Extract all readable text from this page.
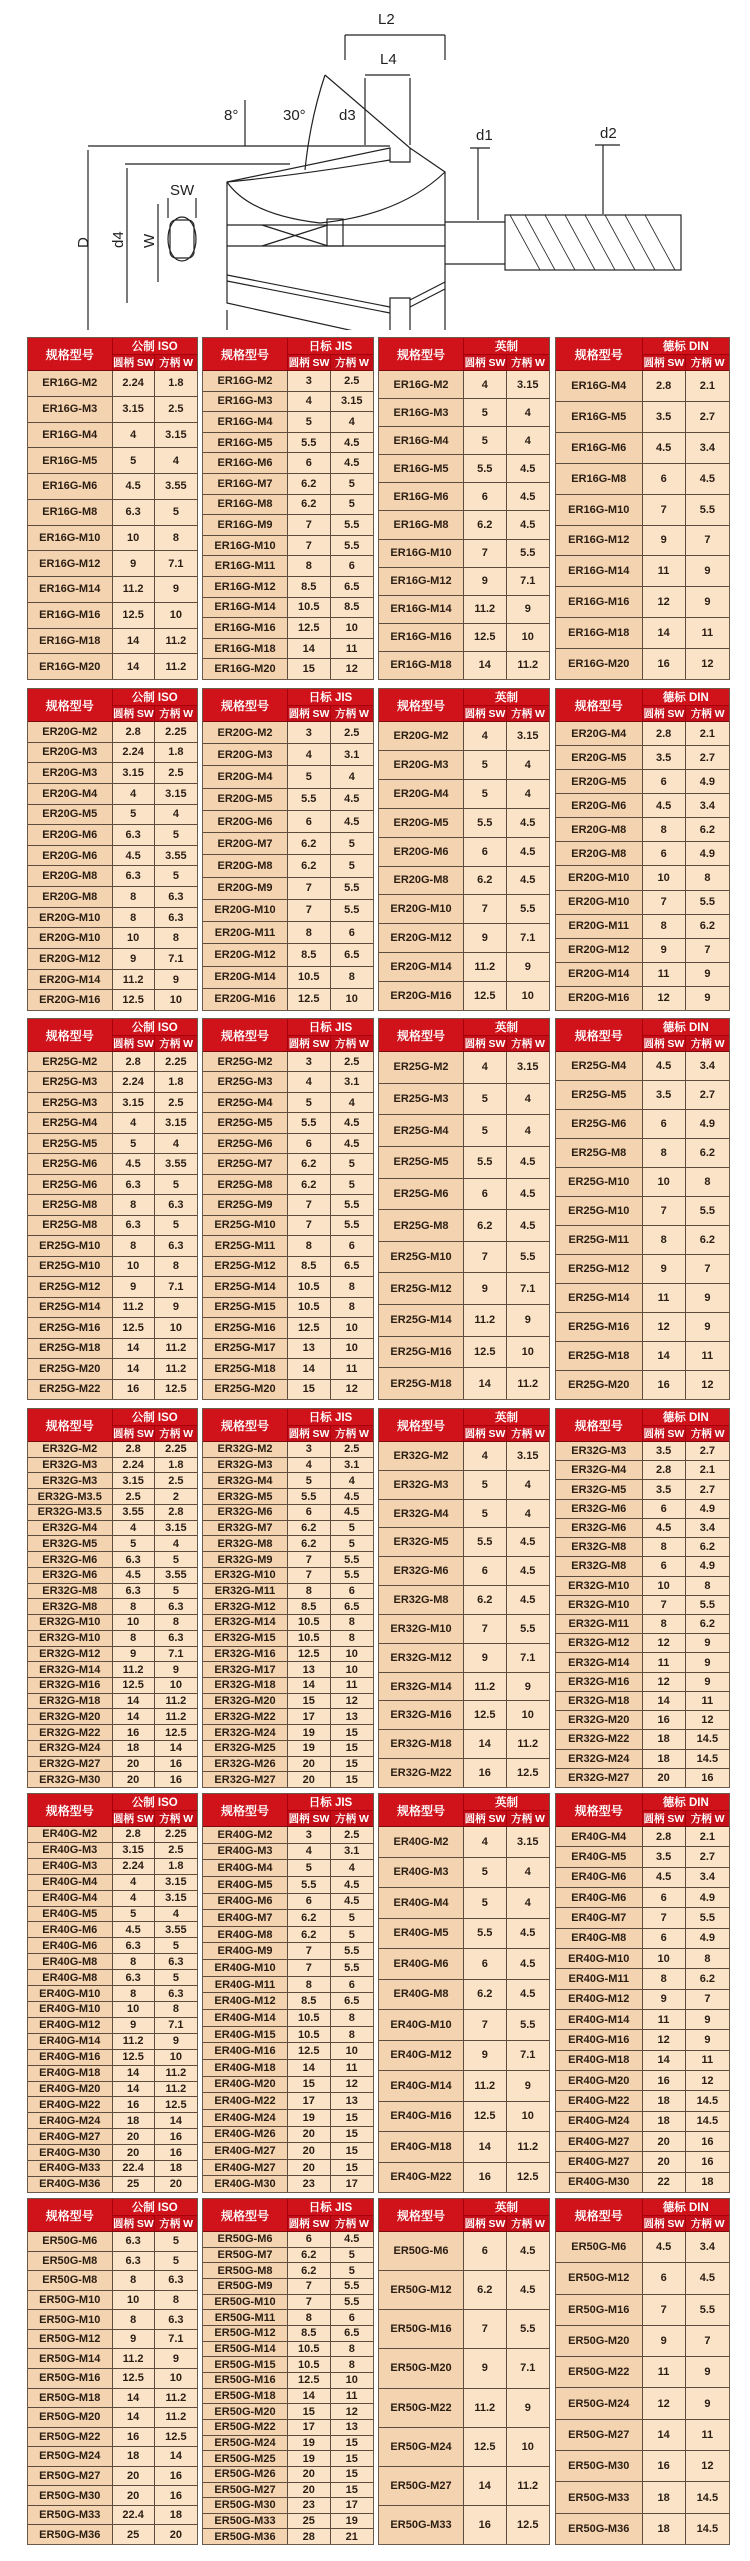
L2
L4
d3
8°	30°
d1	d2
SW
D d4 W
规格型号
公制 ISO
圆柄 SW 方柄 W
ER16G-M2	2.24	1.8
ER16G-M3	3.15	2.5
ER16G-M4	4	3.15
ER16G-M5	5	4
ER16G-M6	4.5	3.55
ER16G-M8	6.3	5
ER16G-M10	10	8
ER16G-M12	9	7.1
ER16G-M14	11.2	9
ER16G-M16	12.5	10
ER16G-M18	14	11.2
ER16G-M20	14	11.2
规格型号
日标 JIS
圆柄 SW 方柄 W
ER16G-M2	3	2.5
ER16G-M3	4	3.15
ER16G-M4	5	4
ER16G-M5	5.5	4.5
ER16G-M6	6	4.5
ER16G-M7	6.2	5
ER16G-M8	6.2	5
ER16G-M9	7	5.5
ER16G-M10	7	5.5
ER16G-M11	8	6
ER16G-M12	8.5	6.5
ER16G-M14	10.5	8.5
ER16G-M16	12.5	10
ER16G-M18	14	11
ER16G-M20	15	12
规格型号
英制
圆柄 SW 方柄 W
ER16G-M2	4	3.15
ER16G-M3	5	4
ER16G-M4	5	4
ER16G-M5	5.5	4.5
ER16G-M6	6	4.5
ER16G-M8	6.2	4.5
ER16G-M10	7	5.5
ER16G-M12	9	7.1
ER16G-M14	11.2	9
ER16G-M16	12.5	10
ER16G-M18	14	11.2
规格型号
德标 DIN
圆柄 SW 方柄 W
ER16G-M4	2.8	2.1
ER16G-M5	3.5	2.7
ER16G-M6	4.5	3.4
ER16G-M8	6	4.5
ER16G-M10	7	5.5
ER16G-M12	9	7
ER16G-M14	11	9
ER16G-M16	12	9
ER16G-M18	14	11
ER16G-M20	16	12
规格型号
公制 ISO
圆柄 SW 方柄 W
ER20G-M2	2.8	2.25
ER20G-M3	2.24	1.8
ER20G-M3	3.15	2.5
ER20G-M4	4	3.15
ER20G-M5	5	4
ER20G-M6	6.3	5
ER20G-M6	4.5	3.55
ER20G-M8	6.3	5
ER20G-M8	8	6.3
ER20G-M10	8	6.3
ER20G-M10	10	8
ER20G-M12	9	7.1
ER20G-M14	11.2	9
ER20G-M16	12.5	10
规格型号
日标 JIS
圆柄 SW 方柄 W
ER20G-M2	3	2.5
ER20G-M3	4	3.1
ER20G-M4	5	4
ER20G-M5	5.5	4.5
ER20G-M6	6	4.5
ER20G-M7	6.2	5
ER20G-M8	6.2	5
ER20G-M9	7	5.5
ER20G-M10	7	5.5
ER20G-M11	8	6
ER20G-M12	8.5	6.5
ER20G-M14	10.5	8
ER20G-M16	12.5	10
规格型号
英制
圆柄 SW 方柄 W
ER20G-M2	4	3.15
ER20G-M3	5	4
ER20G-M4	5	4
ER20G-M5	5.5	4.5
ER20G-M6	6	4.5
ER20G-M8	6.2	4.5
ER20G-M10	7	5.5
ER20G-M12	9	7.1
ER20G-M14	11.2	9
ER20G-M16	12.5	10
规格型号
德标 DIN
圆柄 SW 方柄 W
ER20G-M4	2.8	2.1
ER20G-M5	3.5	2.7
ER20G-M5	6	4.9
ER20G-M6	4.5	3.4
ER20G-M8	8	6.2
ER20G-M8	6	4.9
ER20G-M10	10	8
ER20G-M10	7	5.5
ER20G-M11	8	6.2
ER20G-M12	9	7
ER20G-M14	11	9
ER20G-M16	12	9
规格型号
公制 ISO
圆柄 SW 方柄 W
ER25G-M2	2.8	2.25
ER25G-M3	2.24	1.8
ER25G-M3	3.15	2.5
ER25G-M4	4	3.15
ER25G-M5	5	4
ER25G-M6	4.5	3.55
ER25G-M6	6.3	5
ER25G-M8	8	6.3
ER25G-M8	6.3	5
ER25G-M10	8	6.3
ER25G-M10	10	8
ER25G-M12	9	7.1
ER25G-M14	11.2	9
ER25G-M16	12.5	10
ER25G-M18	14	11.2
ER25G-M20	14	11.2
ER25G-M22	16	12.5
规格型号
日标 JIS
圆柄 SW 方柄 W
ER25G-M2	3	2.5
ER25G-M3	4	3.1
ER25G-M4	5	4
ER25G-M5	5.5	4.5
ER25G-M6	6	4.5
ER25G-M7	6.2	5
ER25G-M8	6.2	5
ER25G-M9	7	5.5
ER25G-M10	7	5.5
ER25G-M11	8	6
ER25G-M12	8.5	6.5
ER25G-M14	10.5	8
ER25G-M15	10.5	8
ER25G-M16	12.5	10
ER25G-M17	13	10
ER25G-M18	14	11
ER25G-M20	15	12
规格型号
英制
圆柄 SW 方柄 W
ER25G-M2	4	3.15
ER25G-M3	5	4
ER25G-M4	5	4
ER25G-M5	5.5	4.5
ER25G-M6	6	4.5
ER25G-M8	6.2	4.5
ER25G-M10	7	5.5
ER25G-M12	9	7.1
ER25G-M14	11.2	9
ER25G-M16	12.5	10
ER25G-M18	14	11.2
规格型号
德标 DIN
圆柄 SW 方柄 W
ER25G-M4	4.5	3.4
ER25G-M5	3.5	2.7
ER25G-M6	6	4.9
ER25G-M8	8	6.2
ER25G-M10	10	8
ER25G-M10	7	5.5
ER25G-M11	8	6.2
ER25G-M12	9	7
ER25G-M14	11	9
ER25G-M16	12	9
ER25G-M18	14	11
ER25G-M20	16	12
规格型号
公制 ISO
圆柄 SW 方柄 W
ER32G-M2	2.8	2.25
ER32G-M3	2.24	1.8
ER32G-M3	3.15	2.5
ER32G-M3.5	2.5	2
ER32G-M3.5	3.55	2.8
ER32G-M4	4	3.15
ER32G-M5	5	4
ER32G-M6	6.3	5
ER32G-M6	4.5	3.55
ER32G-M8	6.3	5
ER32G-M8	8	6.3
ER32G-M10	10	8
ER32G-M10	8	6.3
ER32G-M12	9	7.1
ER32G-M14	11.2	9
ER32G-M16	12.5	10
ER32G-M18	14	11.2
ER32G-M20	14	11.2
ER32G-M22	16	12.5
ER32G-M24	18	14
ER32G-M27	20	16
ER32G-M30	20	16
规格型号
日标 JIS
圆柄 SW 方柄 W
ER32G-M2	3	2.5
ER32G-M3	4	3.1
ER32G-M4	5	4
ER32G-M5	5.5	4.5
ER32G-M6	6	4.5
ER32G-M7	6.2	5
ER32G-M8	6.2	5
ER32G-M9	7	5.5
ER32G-M10	7	5.5
ER32G-M11	8	6
ER32G-M12	8.5	6.5
ER32G-M14	10.5	8
ER32G-M15	10.5	8
ER32G-M16	12.5	10
ER32G-M17	13	10
ER32G-M18	14	11
ER32G-M20	15	12
ER32G-M22	17	13
ER32G-M24	19	15
ER32G-M25	19	15
ER32G-M26	20	15
ER32G-M27	20	15
规格型号
英制
圆柄 SW 方柄 W
ER32G-M2	4	3.15
ER32G-M3	5	4
ER32G-M4	5	4
ER32G-M5	5.5	4.5
ER32G-M6	6	4.5
ER32G-M8	6.2	4.5
ER32G-M10	7	5.5
ER32G-M12	9	7.1
ER32G-M14	11.2	9
ER32G-M16	12.5	10
ER32G-M18	14	11.2
ER32G-M22	16	12.5
规格型号
德标 DIN
圆柄 SW 方柄 W
ER32G-M3	3.5	2.7
ER32G-M4	2.8	2.1
ER32G-M5	3.5	2.7
ER32G-M6	6	4.9
ER32G-M6	4.5	3.4
ER32G-M8	8	6.2
ER32G-M8	6	4.9
ER32G-M10	10	8
ER32G-M10	7	5.5
ER32G-M11	8	6.2
ER32G-M12	12	9
ER32G-M14	11	9
ER32G-M16	12	9
ER32G-M18	14	11
ER32G-M20	16	12
ER32G-M22	18	14.5
ER32G-M24	18	14.5
ER32G-M27	20	16
规格型号
公制 ISO
圆柄 SW 方柄 W
ER40G-M2	2.8	2.25
ER40G-M3	3.15	2.5
ER40G-M3	2.24	1.8
ER40G-M4	4	3.15
ER40G-M4	4	3.15
ER40G-M5	5	4
ER40G-M6	4.5	3.55
ER40G-M6	6.3	5
ER40G-M8	8	6.3
ER40G-M8	6.3	5
ER40G-M10	8	6.3
ER40G-M10	10	8
ER40G-M12	9	7.1
ER40G-M14	11.2	9
ER40G-M16	12.5	10
ER40G-M18	14	11.2
ER40G-M20	14	11.2
ER40G-M22	16	12.5
ER40G-M24	18	14
ER40G-M27	20	16
ER40G-M30	20	16
ER40G-M33	22.4	18
ER40G-M36	25	20
规格型号
日标 JIS
圆柄 SW 方柄 W
ER40G-M2	3	2.5
ER40G-M3	4	3.1
ER40G-M4	5	4
ER40G-M5	5.5	4.5
ER40G-M6	6	4.5
ER40G-M7	6.2	5
ER40G-M8	6.2	5
ER40G-M9	7	5.5
ER40G-M10	7	5.5
ER40G-M11	8	6
ER40G-M12	8.5	6.5
ER40G-M14	10.5	8
ER40G-M15	10.5	8
ER40G-M16	12.5	10
ER40G-M18	14	11
ER40G-M20	15	12
ER40G-M22	17	13
ER40G-M24	19	15
ER40G-M26	20	15
ER40G-M27	20	15
ER40G-M27	20	15
ER40G-M30	23	17
规格型号
英制
圆柄 SW 方柄 W
ER40G-M2	4	3.15
ER40G-M3	5	4
ER40G-M4	5	4
ER40G-M5	5.5	4.5
ER40G-M6	6	4.5
ER40G-M8	6.2	4.5
ER40G-M10	7	5.5
ER40G-M12	9	7.1
ER40G-M14	11.2	9
ER40G-M16	12.5	10
ER40G-M18	14	11.2
ER40G-M22	16	12.5
规格型号
德标 DIN
圆柄 SW 方柄 W
ER40G-M4	2.8	2.1
ER40G-M5	3.5	2.7
ER40G-M6	4.5	3.4
ER40G-M6	6	4.9
ER40G-M7	7	5.5
ER40G-M8	6	4.9
ER40G-M10	10	8
ER40G-M11	8	6.2
ER40G-M12	9	7
ER40G-M14	11	9
ER40G-M16	12	9
ER40G-M18	14	11
ER40G-M20	16	12
ER40G-M22	18	14.5
ER40G-M24	18	14.5
ER40G-M27	20	16
ER40G-M27	20	16
ER40G-M30	22	18
规格型号
公制 ISO
圆柄 SW 方柄 W
ER50G-M6	6.3	5
ER50G-M8	6.3	5
ER50G-M8	8	6.3
ER50G-M10	10	8
ER50G-M10	8	6.3
ER50G-M12	9	7.1
ER50G-M14	11.2	9
ER50G-M16	12.5	10
ER50G-M18	14	11.2
ER50G-M20	14	11.2
ER50G-M22	16	12.5
ER50G-M24	18	14
ER50G-M27	20	16
ER50G-M30	20	16
ER50G-M33	22.4	18
ER50G-M36	25	20
规格型号
日标 JIS
圆柄 SW 方柄 W
ER50G-M6	6	4.5
ER50G-M7	6.2	5
ER50G-M8	6.2	5
ER50G-M9	7	5.5
ER50G-M10	7	5.5
ER50G-M11	8	6
ER50G-M12	8.5	6.5
ER50G-M14	10.5	8
ER50G-M15	10.5	8
ER50G-M16	12.5	10
ER50G-M18	14	11
ER50G-M20	15	12
ER50G-M22	17	13
ER50G-M24	19	15
ER50G-M25	19	15
ER50G-M26	20	15
ER50G-M27	20	15
ER50G-M30	23	17
ER50G-M33	25	19
ER50G-M36	28	21
规格型号
英制
圆柄 SW 方柄 W
ER50G-M6	6	4.5
ER50G-M12	6.2	4.5
ER50G-M16	7	5.5
ER50G-M20	9	7.1
ER50G-M22	11.2	9
ER50G-M24	12.5	10
ER50G-M27	14	11.2
ER50G-M33	16	12.5
规格型号
德标 DIN
圆柄 SW 方柄 W
ER50G-M6	4.5	3.4
ER50G-M12	6	4.5
ER50G-M16	7	5.5
ER50G-M20	9	7
ER50G-M22	11	9
ER50G-M24	12	9
ER50G-M27	14	11
ER50G-M30	16	12
ER50G-M33	18	14.5
ER50G-M36	18	14.5
